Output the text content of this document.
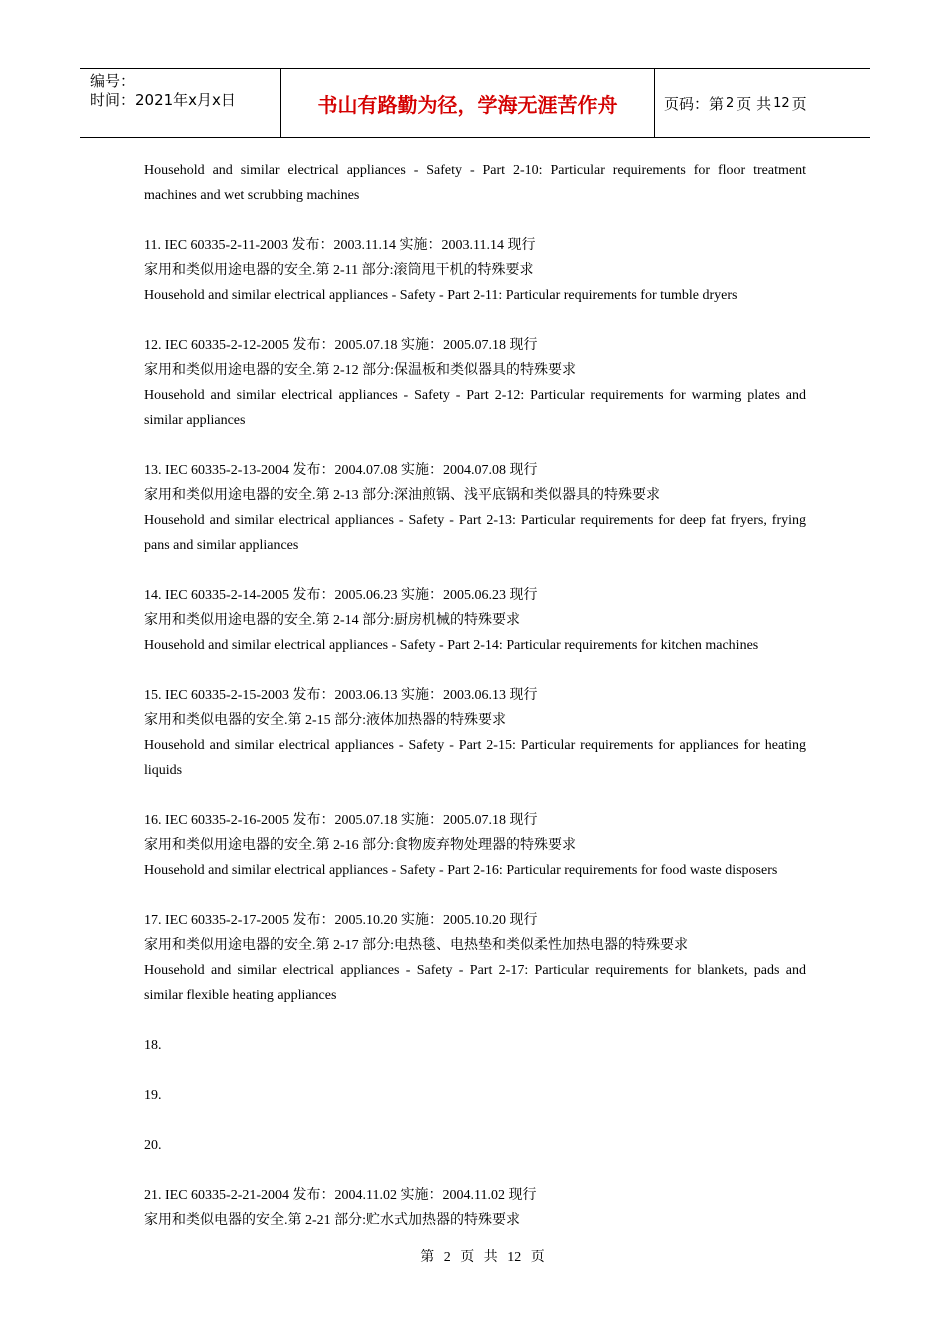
编号：
时间：2021年x月x日	书山有路勤为径，学海无涯苦作舟	页码：第 2 页 共 12 页
Household and similar electrical appliances - Safety - Part 2-10: Particular requirements for floor treatment
machines and wet scrubbing machines
11. IEC 60335-2-11-2003 发布：2003.11.14 实施：2003.11.14 现行
家用和类似用途电器的安全.第 2-11 部分:滚筒甩干机的特殊要求
Household and similar electrical appliances - Safety - Part 2-11: Particular requirements for tumble dryers
12. IEC 60335-2-12-2005 发布：2005.07.18 实施：2005.07.18 现行
家用和类似用途电器的安全.第 2-12 部分:保温板和类似器具的特殊要求
Household and similar electrical appliances - Safety - Part 2-12: Particular requirements for warming plates and
similar appliances
13. IEC 60335-2-13-2004 发布：2004.07.08 实施：2004.07.08 现行
家用和类似用途电器的安全.第 2-13 部分:深油煎锅、浅平底锅和类似器具的特殊要求
Household and similar electrical appliances - Safety - Part 2-13: Particular requirements for deep fat fryers, frying
pans and similar appliances
14. IEC 60335-2-14-2005 发布：2005.06.23 实施：2005.06.23 现行
家用和类似用途电器的安全.第 2-14 部分:厨房机械的特殊要求
Household and similar electrical appliances - Safety - Part 2-14: Particular requirements for kitchen machines
15. IEC 60335-2-15-2003 发布：2003.06.13 实施：2003.06.13 现行
家用和类似电器的安全.第 2-15 部分:液体加热器的特殊要求
Household and similar electrical appliances - Safety - Part 2-15: Particular requirements for appliances for heating
liquids
16. IEC 60335-2-16-2005 发布：2005.07.18 实施：2005.07.18 现行
家用和类似用途电器的安全.第 2-16 部分:食物废弃物处理器的特殊要求
Household and similar electrical appliances - Safety - Part 2-16: Particular requirements for food waste disposers
17. IEC 60335-2-17-2005 发布：2005.10.20 实施：2005.10.20 现行
家用和类似用途电器的安全.第 2-17 部分:电热毯、电热垫和类似柔性加热电器的特殊要求
Household and similar electrical appliances - Safety - Part 2-17: Particular requirements for blankets, pads and
similar flexible heating appliances
18.
19.
20.
21. IEC 60335-2-21-2004 发布：2004.11.02 实施：2004.11.02 现行
家用和类似电器的安全.第 2-21 部分:贮水式加热器的特殊要求
第 2 页 共 12 页
